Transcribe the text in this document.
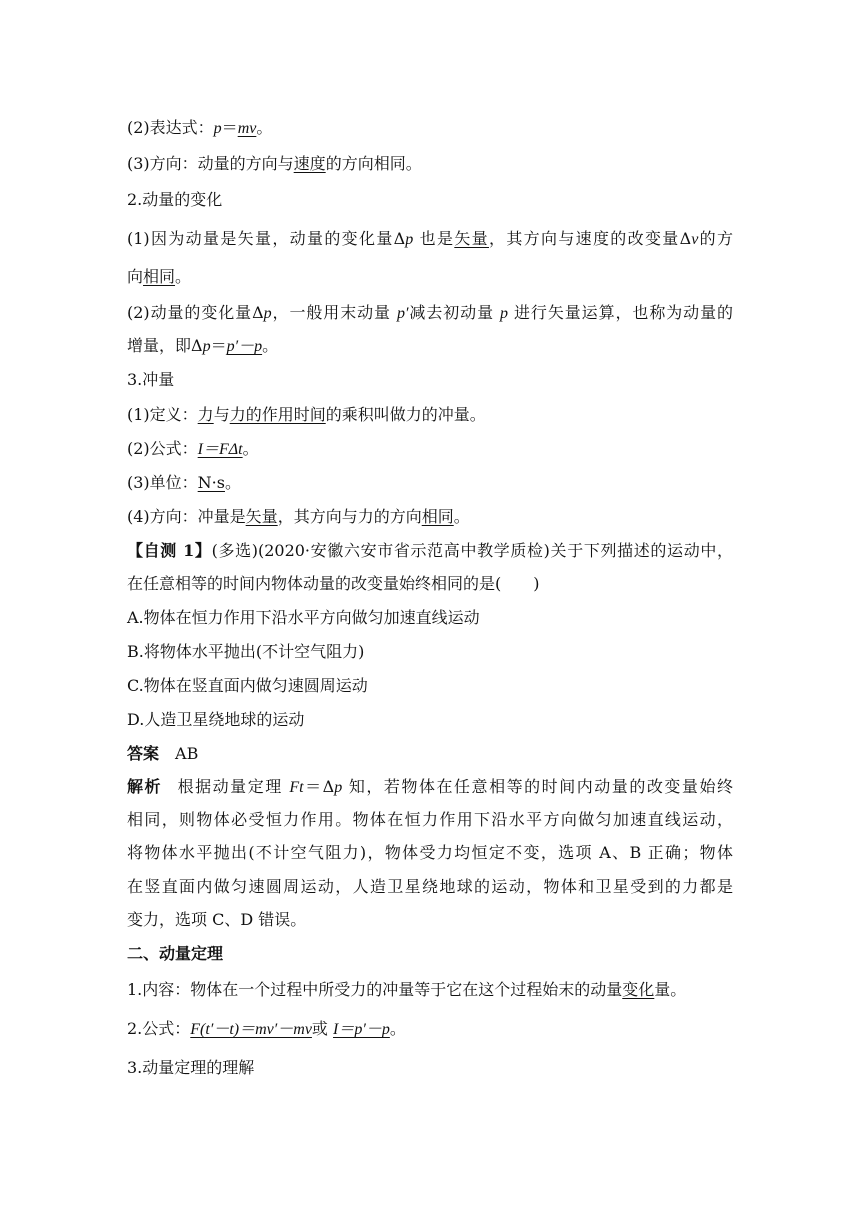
(2)表达式：p＝mv。
(3)方向：动量的方向与速度的方向相同。
2.动量的变化
(1)因为动量是矢量，动量的变化量Δp 也是矢量，其方向与速度的改变量Δv的方
向相同。
(2)动量的变化量Δp，一般用末动量 p′减去初动量 p 进行矢量运算，也称为动量的
增量，即Δp＝p′－p。
3.冲量
(1)定义：力与力的作用时间的乘积叫做力的冲量。
(2)公式：I＝FΔt。
(3)单位：N·s。
(4)方向：冲量是矢量，其方向与力的方向相同。
【自测 1】(多选)(2020·安徽六安市省示范高中教学质检)关于下列描述的运动中，
在任意相等的时间内物体动量的改变量始终相同的是(　　)
A.物体在恒力作用下沿水平方向做匀加速直线运动
B.将物体水平抛出(不计空气阻力)
C.物体在竖直面内做匀速圆周运动
D.人造卫星绕地球的运动
答案 AB
解析 根据动量定理 Ft＝Δp 知，若物体在任意相等的时间内动量的改变量始终
相同，则物体必受恒力作用。物体在恒力作用下沿水平方向做匀加速直线运动，
将物体水平抛出(不计空气阻力)，物体受力均恒定不变，选项 A、B 正确；物体
在竖直面内做匀速圆周运动，人造卫星绕地球的运动，物体和卫星受到的力都是
变力，选项 C、D 错误。
二、动量定理
1.内容：物体在一个过程中所受力的冲量等于它在这个过程始末的动量变化量。
2.公式：F(t′－t)＝mv′－mv或 I＝p′－p。
3.动量定理的理解
